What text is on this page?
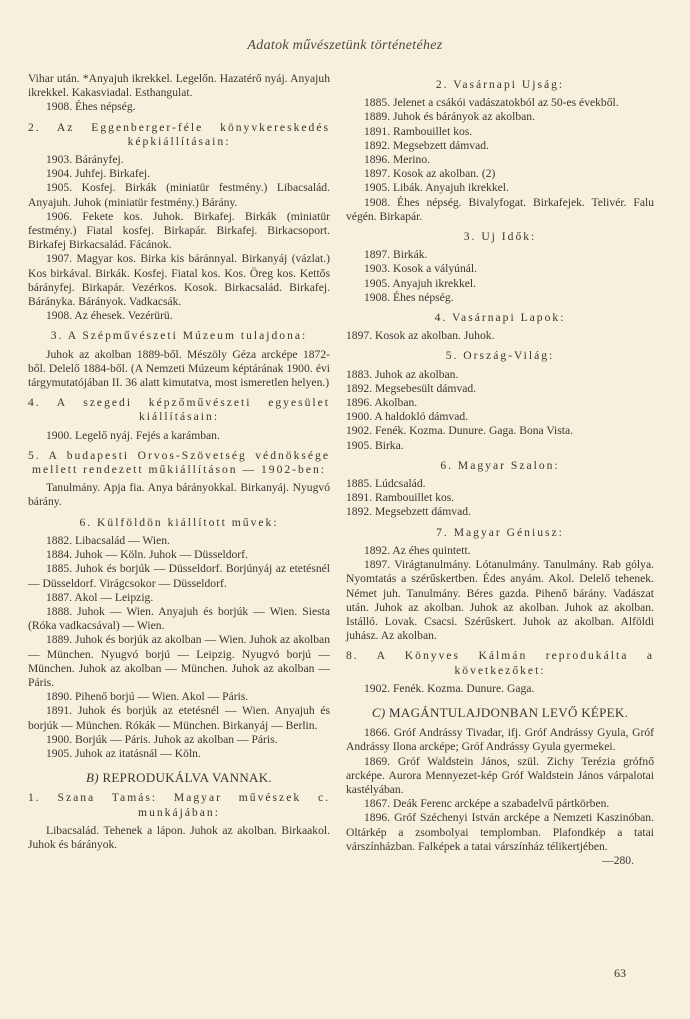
Adatok művészetünk történetéhez
Vihar után. *Anyajuh ikrekkel. Legelőn. Hazatérő nyáj. Anyajuh ikrekkel. Kakasviadal. Esthangulat.
1908. Éhes népség.
2. Az Eggenberger-féle könyvkereskedés képkiállításain:
1903. Bárányfej.
1904. Juhfej. Birkafej.
1905. Kosfej. Birkák (miniatür festmény.) Libacsalád. Anyajuh. Juhok (miniatür festmény.) Bárány.
1906. Fekete kos. Juhok. Birkafej. Birkák (miniatür festmény.) Fiatal kosfej. Birkapár. Birkafej. Birkacsoport. Birkafej Birkacsalád. Fácánok.
1907. Magyar kos. Birka kis báránnyal. Birkanyáj (vázlat.) Kos birkával. Birkák. Kosfej. Fiatal kos. Kos. Öreg kos. Kettős bárányfej. Birkapár. Vezérkos. Kosok. Birkacsalád. Birkafej. Bárányka. Bárányok. Vadkacsák.
1908. Az éhesek. Vezérürü.
3. A Szépművészeti Múzeum tulajdona:
Juhok az akolban 1889-ből. Mészöly Géza arcképe 1872-ből. Delelő 1884-ből. (A Nemzeti Múzeum képtárának 1900. évi tárgymutatójában II. 36 alatt kimutatva, most ismeretlen helyen.)
4. A szegedi képzőművészeti egyesület kiállításain:
1900. Legelő nyáj. Fejés a karámban.
5. A budapesti Orvos-Szövetség védnöksége mellett rendezett műkiállításon — 1902-ben:
Tanulmány. Apja fia. Anya bárányokkal. Birkanyáj. Nyugvó bárány.
6. Külföldön kiállított művek:
1882. Libacsalád — Wien.
1884. Juhok — Köln. Juhok — Düsseldorf.
1885. Juhok és borjúk — Düsseldorf. Borjúnyáj az etetésnél — Düsseldorf. Virágcsokor — Düsseldorf.
1887. Akol — Leipzig.
1888. Juhok — Wien. Anyajuh és borjúk — Wien. Siesta (Róka vadkacsával) — Wien.
1889. Juhok és borjúk az akolban — Wien. Juhok az akolban — München. Nyugvó borjú — Leipzig. Nyugvó borjú — München. Juhok az akolban — München. Juhok az akolban — Páris.
1890. Pihenő borjú — Wien. Akol — Páris.
1891. Juhok és borjúk az etetésnél — Wien. Anyajuh és borjúk — München. Rókák — München. Birkanyáj — Berlin.
1900. Borjúk — Páris. Juhok az akolban — Páris.
1905. Juhok az itatásnál — Köln.
B) REPRODUKÁLVA VANNAK.
1. Szana Tamás: Magyar művészek c. munkájában:
Libacsalád. Tehenek a lápon. Juhok az akolban. Birkaakol. Juhok és bárányok.
2. Vasárnapi Ujság:
1885. Jelenet a csákói vadászatokból az 50-es évekből.
1889. Juhok és bárányok az akolban.
1891. Rambouillet kos.
1892. Megsebzett dámvad.
1896. Merino.
1897. Kosok az akolban. (2)
1905. Libák. Anyajuh ikrekkel.
1908. Éhes népség. Bivalyfogat. Birkafejek. Telivér. Falu végén. Birkapár.
3. Uj Idők:
1897. Birkák.
1903. Kosok a vályúnál.
1905. Anyajuh ikrekkel.
1908. Éhes népség.
4. Vasárnapi Lapok:
1897. Kosok az akolban. Juhok.
5. Ország-Világ:
1883. Juhok az akolban.
1892. Megsebesült dámvad.
1896. Akolban.
1900. A haldokló dámvad.
1902. Fenék. Kozma. Dunure. Gaga. Bona Vista.
1905. Birka.
6. Magyar Szalon:
1885. Lúdcsalád.
1891. Rambouillet kos.
1892. Megsebzett dámvad.
7. Magyar Géniusz:
1892. Az éhes quintett.
1897. Virágtanulmány. Lótanulmány. Tanulmány. Rab gólya. Nyomtatás a szérűskertben. Édes anyám. Akol. Delelő tehenek. Német juh. Tanulmány. Béres gazda. Pihenő bárány. Vadászat után. Juhok az akolban. Juhok az akolban. Juhok az akolban. Istálló. Lovak. Csacsi. Szérűskert. Juhok az akolban. Alföldi juhász. Az akolban.
8. A Könyves Kálmán reprodukálta a következőket:
1902. Fenék. Kozma. Dunure. Gaga.
C) MAGÁNTULAJDONBAN LEVŐ KÉPEK.
1866. Gróf Andrássy Tivadar, ifj. Gróf Andrássy Gyula, Gróf Andrássy Ilona arcképe; Gróf Andrássy Gyula gyermekei.
1869. Gróf Waldstein János, szül. Zichy Terézia grófnő arcképe. Aurora Mennyezet-kép Gróf Waldstein János várpalotai kastélyában.
1867. Deák Ferenc arcképe a szabadelvű pártkörben.
1896. Gróf Széchenyi István arcképe a Nemzeti Kaszinóban. Oltárkép a zsombolyai templomban. Plafondkép a tatai várszínházban. Falképek a tatai várszínház télikertjében.
—280.
63
